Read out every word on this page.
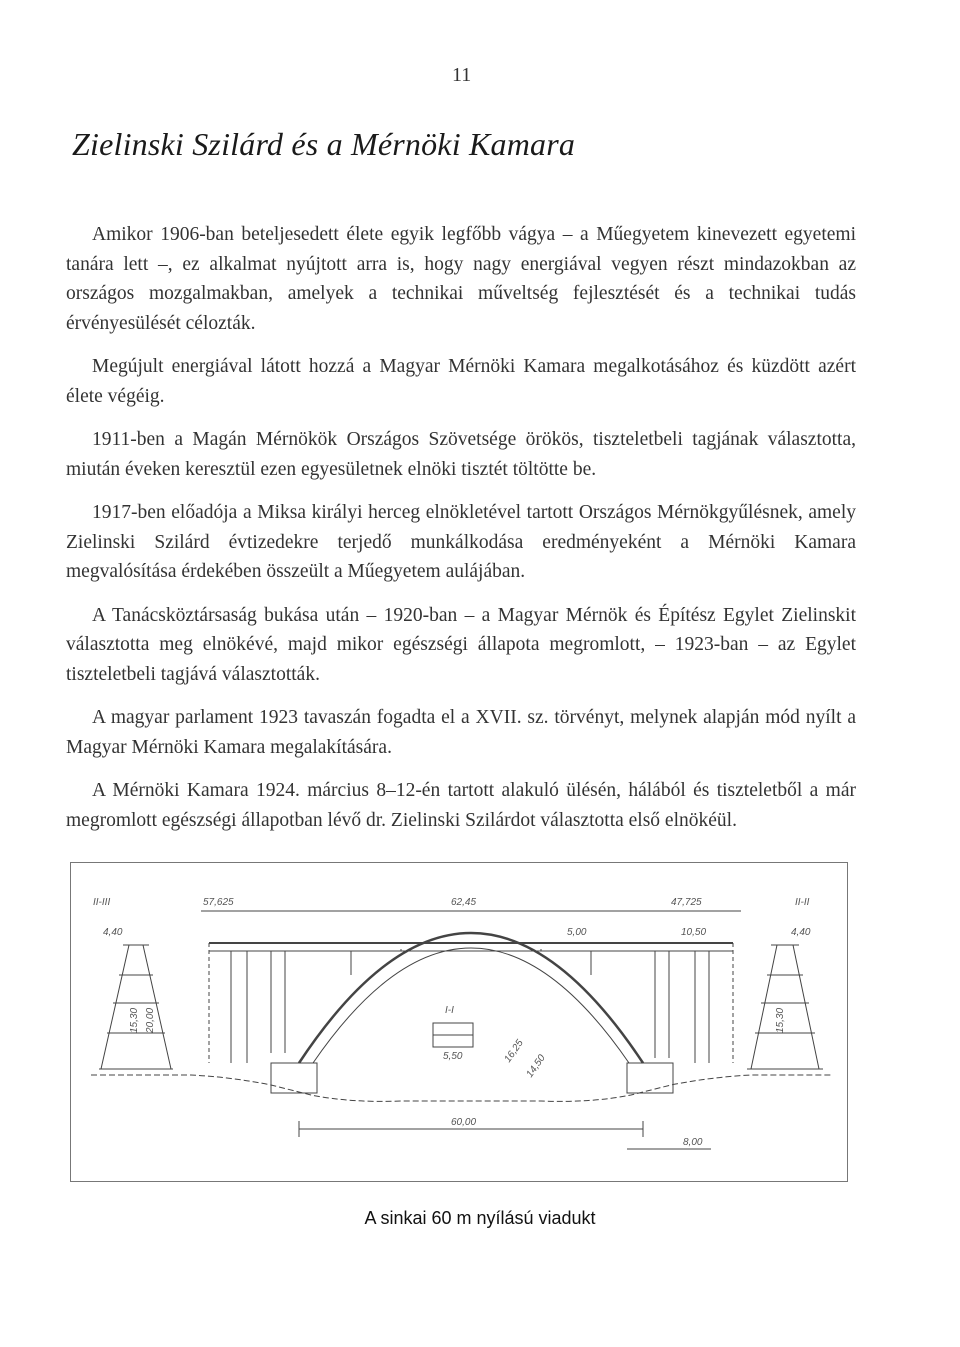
11
Zielinski Szilárd és a Mérnöki Kamara

Amikor 1906-ban beteljesedett élete egyik legfőbb vágya – a Műegyetem kinevezett egyetemi tanára lett –, ez alkalmat nyújtott arra is, hogy nagy energiával vegyen részt mindazokban az országos mozgalmakban, amelyek a technikai műveltség fejlesztését és a technikai tudás érvényesülését célozták.

Megújult energiával látott hozzá a Magyar Mérnöki Kamara megalkotásához és küzdött azért élete végéig.

1911-ben a Magán Mérnökök Országos Szövetsége örökös, tiszteletbeli tagjának választotta, miután éveken keresztül ezen egyesületnek elnöki tisztét töltötte be.

1917-ben előadója a Miksa királyi herceg elnökletével tartott Országos Mérnökgyűlésnek, amely Zielinski Szilárd évtizedekre terjedő munkálkodása eredményeként a Mérnöki Kamara megvalósítása érdekében összeült a Műegyetem aulájában.

A Tanácsköztársaság bukása után – 1920-ban – a Magyar Mérnök és Építész Egylet Zielinskit választotta meg elnökévé, majd mikor egészségi állapota megromlott, – 1923-ban – az Egylet tiszteletbeli tagjává választották.

A magyar parlament 1923 tavaszán fogadta el a XVII. sz. törvényt, melynek alapján mód nyílt a Magyar Mérnöki Kamara megalakítására.

A Mérnöki Kamara 1924. március 8–12-én tartott alakuló ülésén, hálából és tiszteletből a már megromlott egészségi állapotban lévő dr. Zielinski Szilárdot választotta első elnökéül.

II-III
4,40
57,625	62,45	47,725	II-II
4,40
5,00	10,50
I-I
5,50	16,25
14,50
15,30 20,00	15,30
60,00
8,00
A sinkai 60 m nyílású viadukt
